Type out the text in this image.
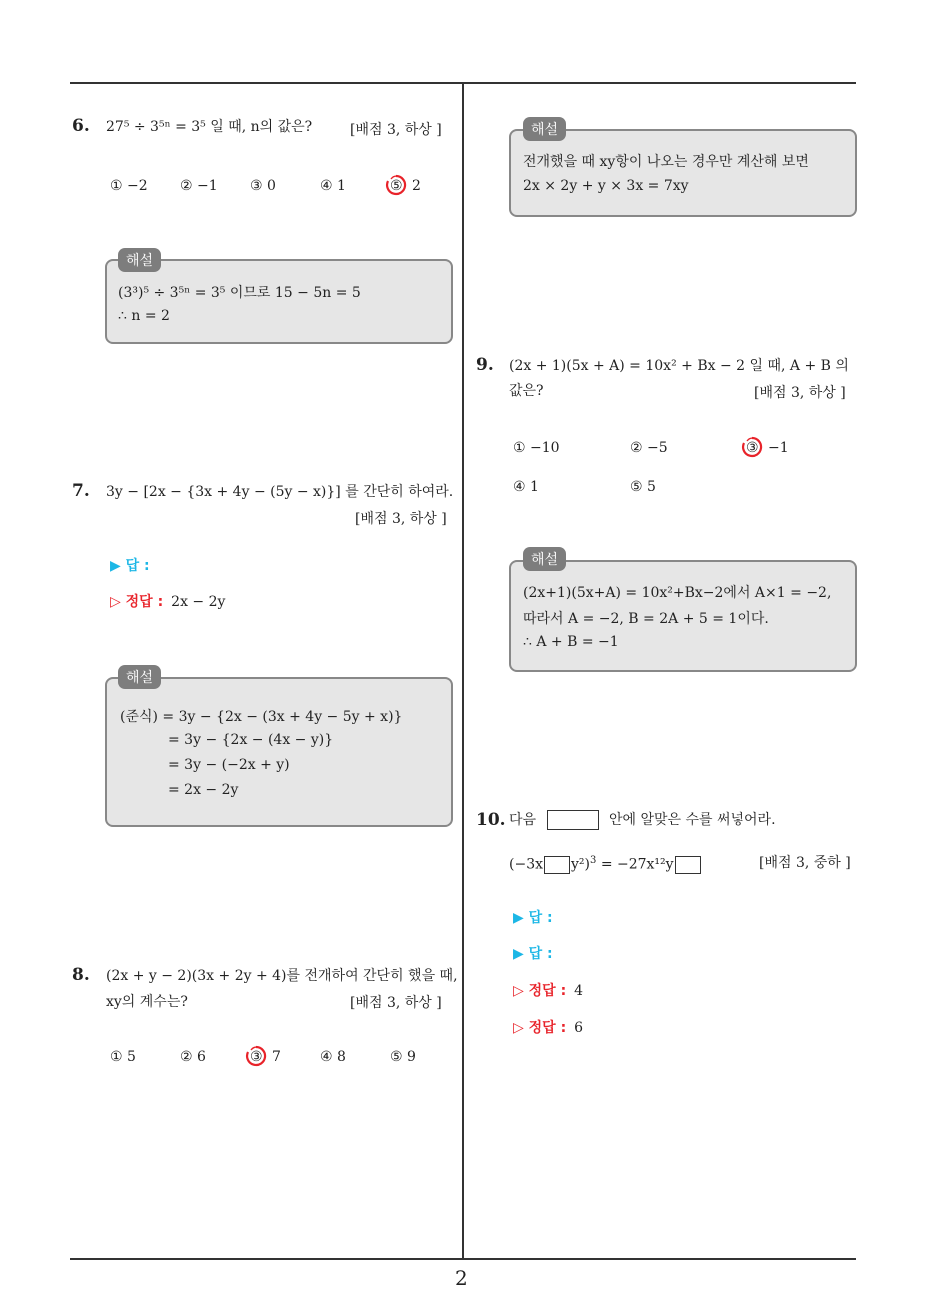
2
6. 27⁵ ÷ 3⁵ⁿ = 3⁵ 일 때, n의 값은?	[배점 3, 하상 ]
① −2 ② −1 ③ 0	④ 1	⑤ 2
해설
(3³)⁵ ÷ 3⁵ⁿ = 3⁵ 이므로 15 − 5n = 5
∴ n = 2
7. 3y − [2x − {3x + 4y − (5y − x)}] 를 간단히 하여라.
[배점 3, 하상 ]
▶ 답 :
▷ 정답 : 2x − 2y
해설
(준식) = 3y − {2x − (3x + 4y − 5y + x)}
= 3y − {2x − (4x − y)}
= 3y − (−2x + y)
= 2x − 2y
8. (2x + y − 2)(3x + 2y + 4)를 전개하여 간단히 했을 때,
xy의 계수는?	[배점 3, 하상 ]
① 5	② 6	③ 7	④ 8	⑤ 9
해설
전개했을 때 xy항이 나오는 경우만 계산해 보면
2x × 2y + y × 3x = 7xy
9. (2x + 1)(5x + A) = 10x² + Bx − 2 일 때, A + B 의
값은?	[배점 3, 하상 ]
① −10	② −5	③ −1
④ 1	⑤ 5
해설
(2x+1)(5x+A) = 10x²+Bx−2에서 A×1 = −2,
따라서 A = −2, B = 2A + 5 = 1이다.
∴ A + B = −1
10. 다음	안에 알맞은 수를 써넣어라.
(−3x y²)$^3$ = −27x¹²y	[배점 3, 중하 ]
▶ 답 :
▶ 답 :
▷ 정답 : 4
▷ 정답 : 6
